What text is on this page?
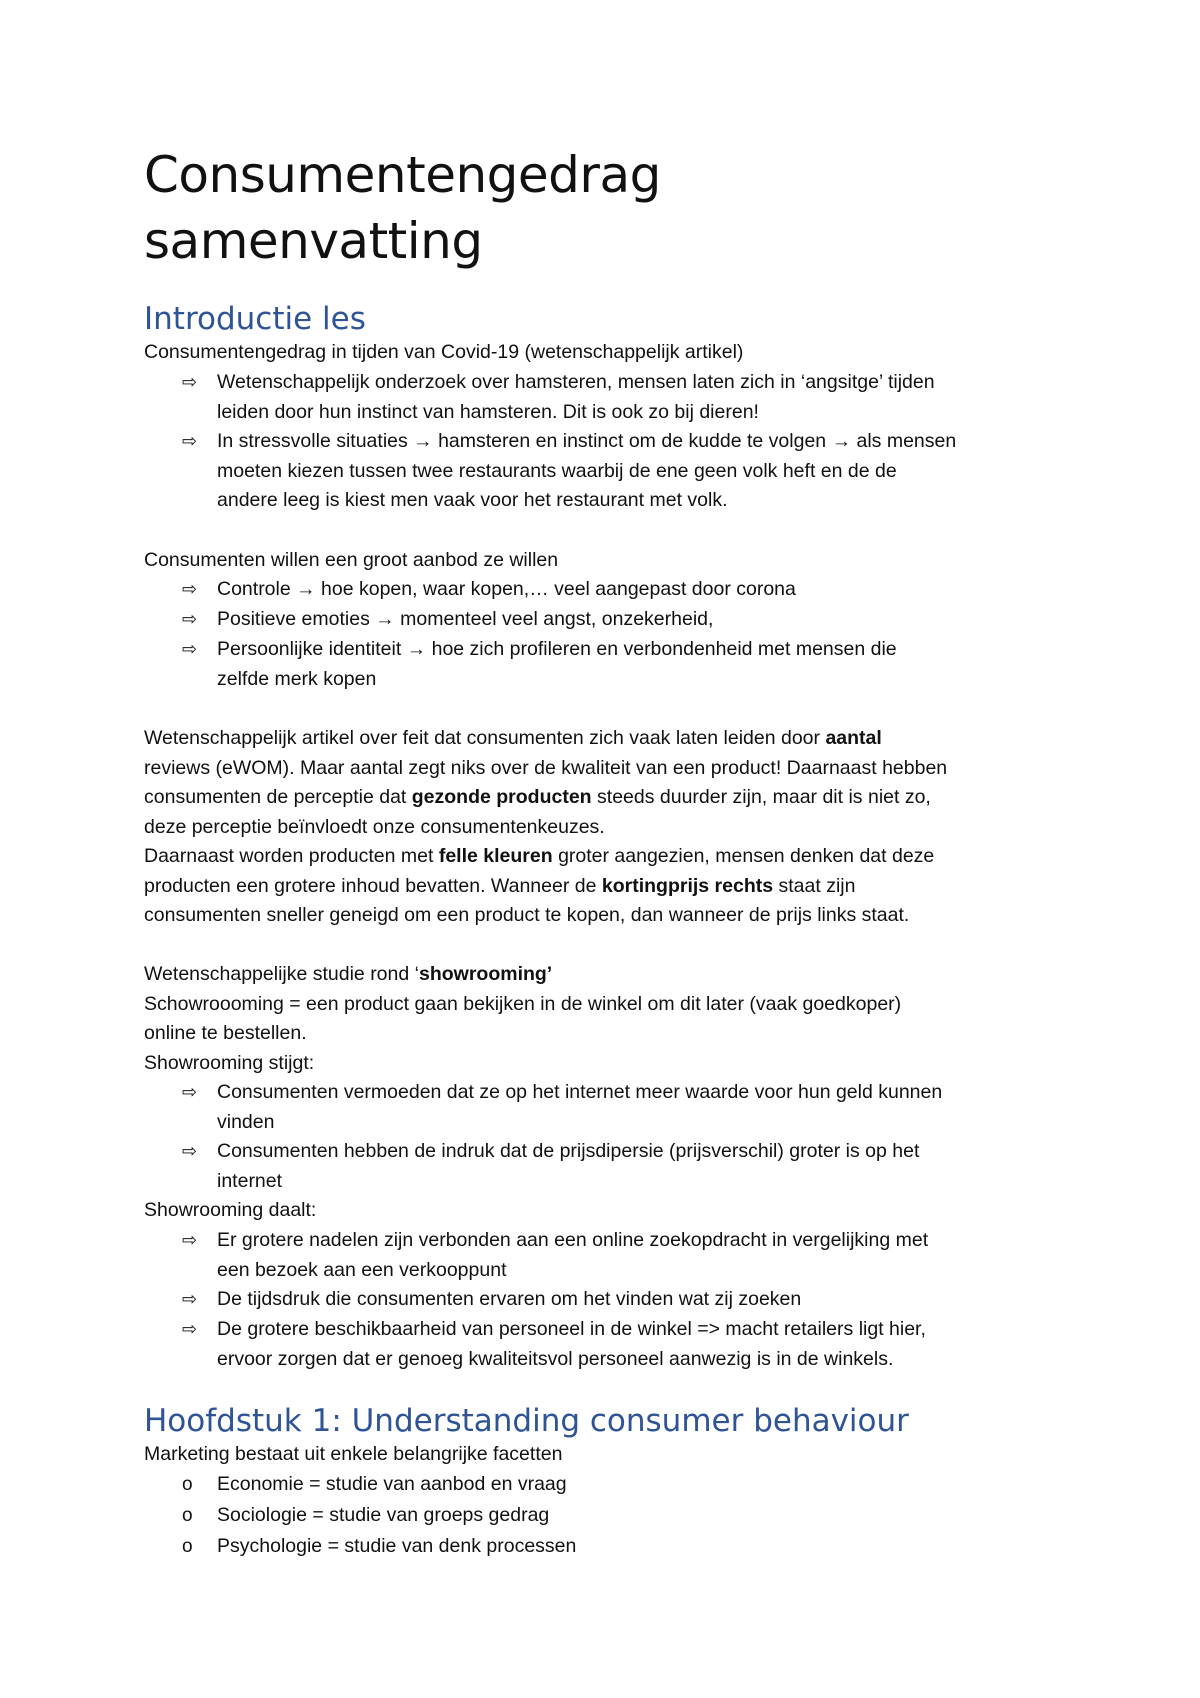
Consumentengedrag
samenvatting
Introductie les

Consumentengedrag in tijden van Covid-19 (wetenschappelijk artikel)

⇨ Wetenschappelijk onderzoek over hamsteren, mensen laten zich in ‘angsitge’ tijden
leiden door hun instinct van hamsteren. Dit is ook zo bij dieren!
⇨ In stressvolle situaties → hamsteren en instinct om de kudde te volgen → als mensen
moeten kiezen tussen twee restaurants waarbij de ene geen volk heft en de de
andere leeg is kiest men vaak voor het restaurant met volk.

Consumenten willen een groot aanbod ze willen

⇨ Controle → hoe kopen, waar kopen,… veel aangepast door corona
⇨ Positieve emoties → momenteel veel angst, onzekerheid,
⇨ Persoonlijke identiteit → hoe zich profileren en verbondenheid met mensen die
zelfde merk kopen

Wetenschappelijk artikel over feit dat consumenten zich vaak laten leiden door aantal

reviews (eWOM). Maar aantal zegt niks over de kwaliteit van een product! Daarnaast hebben

consumenten de perceptie dat gezonde producten steeds duurder zijn, maar dit is niet zo,

deze perceptie beïnvloedt onze consumentenkeuzes.

Daarnaast worden producten met felle kleuren groter aangezien, mensen denken dat deze

producten een grotere inhoud bevatten. Wanneer de kortingprijs rechts staat zijn

consumenten sneller geneigd om een product te kopen, dan wanneer de prijs links staat.

Wetenschappelijke studie rond ‘showrooming’

Schowroooming = een product gaan bekijken in de winkel om dit later (vaak goedkoper)

online te bestellen.

Showrooming stijgt:

⇨ Consumenten vermoeden dat ze op het internet meer waarde voor hun geld kunnen
vinden
⇨ Consumenten hebben de indruk dat de prijsdipersie (prijsverschil) groter is op het
internet

Showrooming daalt:

⇨ Er grotere nadelen zijn verbonden aan een online zoekopdracht in vergelijking met
een bezoek aan een verkooppunt
⇨ De tijdsdruk die consumenten ervaren om het vinden wat zij zoeken
⇨ De grotere beschikbaarheid van personeel in de winkel => macht retailers ligt hier,
ervoor zorgen dat er genoeg kwaliteitsvol personeel aanwezig is in de winkels.
Hoofdstuk 1: Understanding consumer behaviour

Marketing bestaat uit enkele belangrijke facetten

o Economie = studie van aanbod en vraag
o Sociologie = studie van groeps gedrag
o Psychologie = studie van denk processen
